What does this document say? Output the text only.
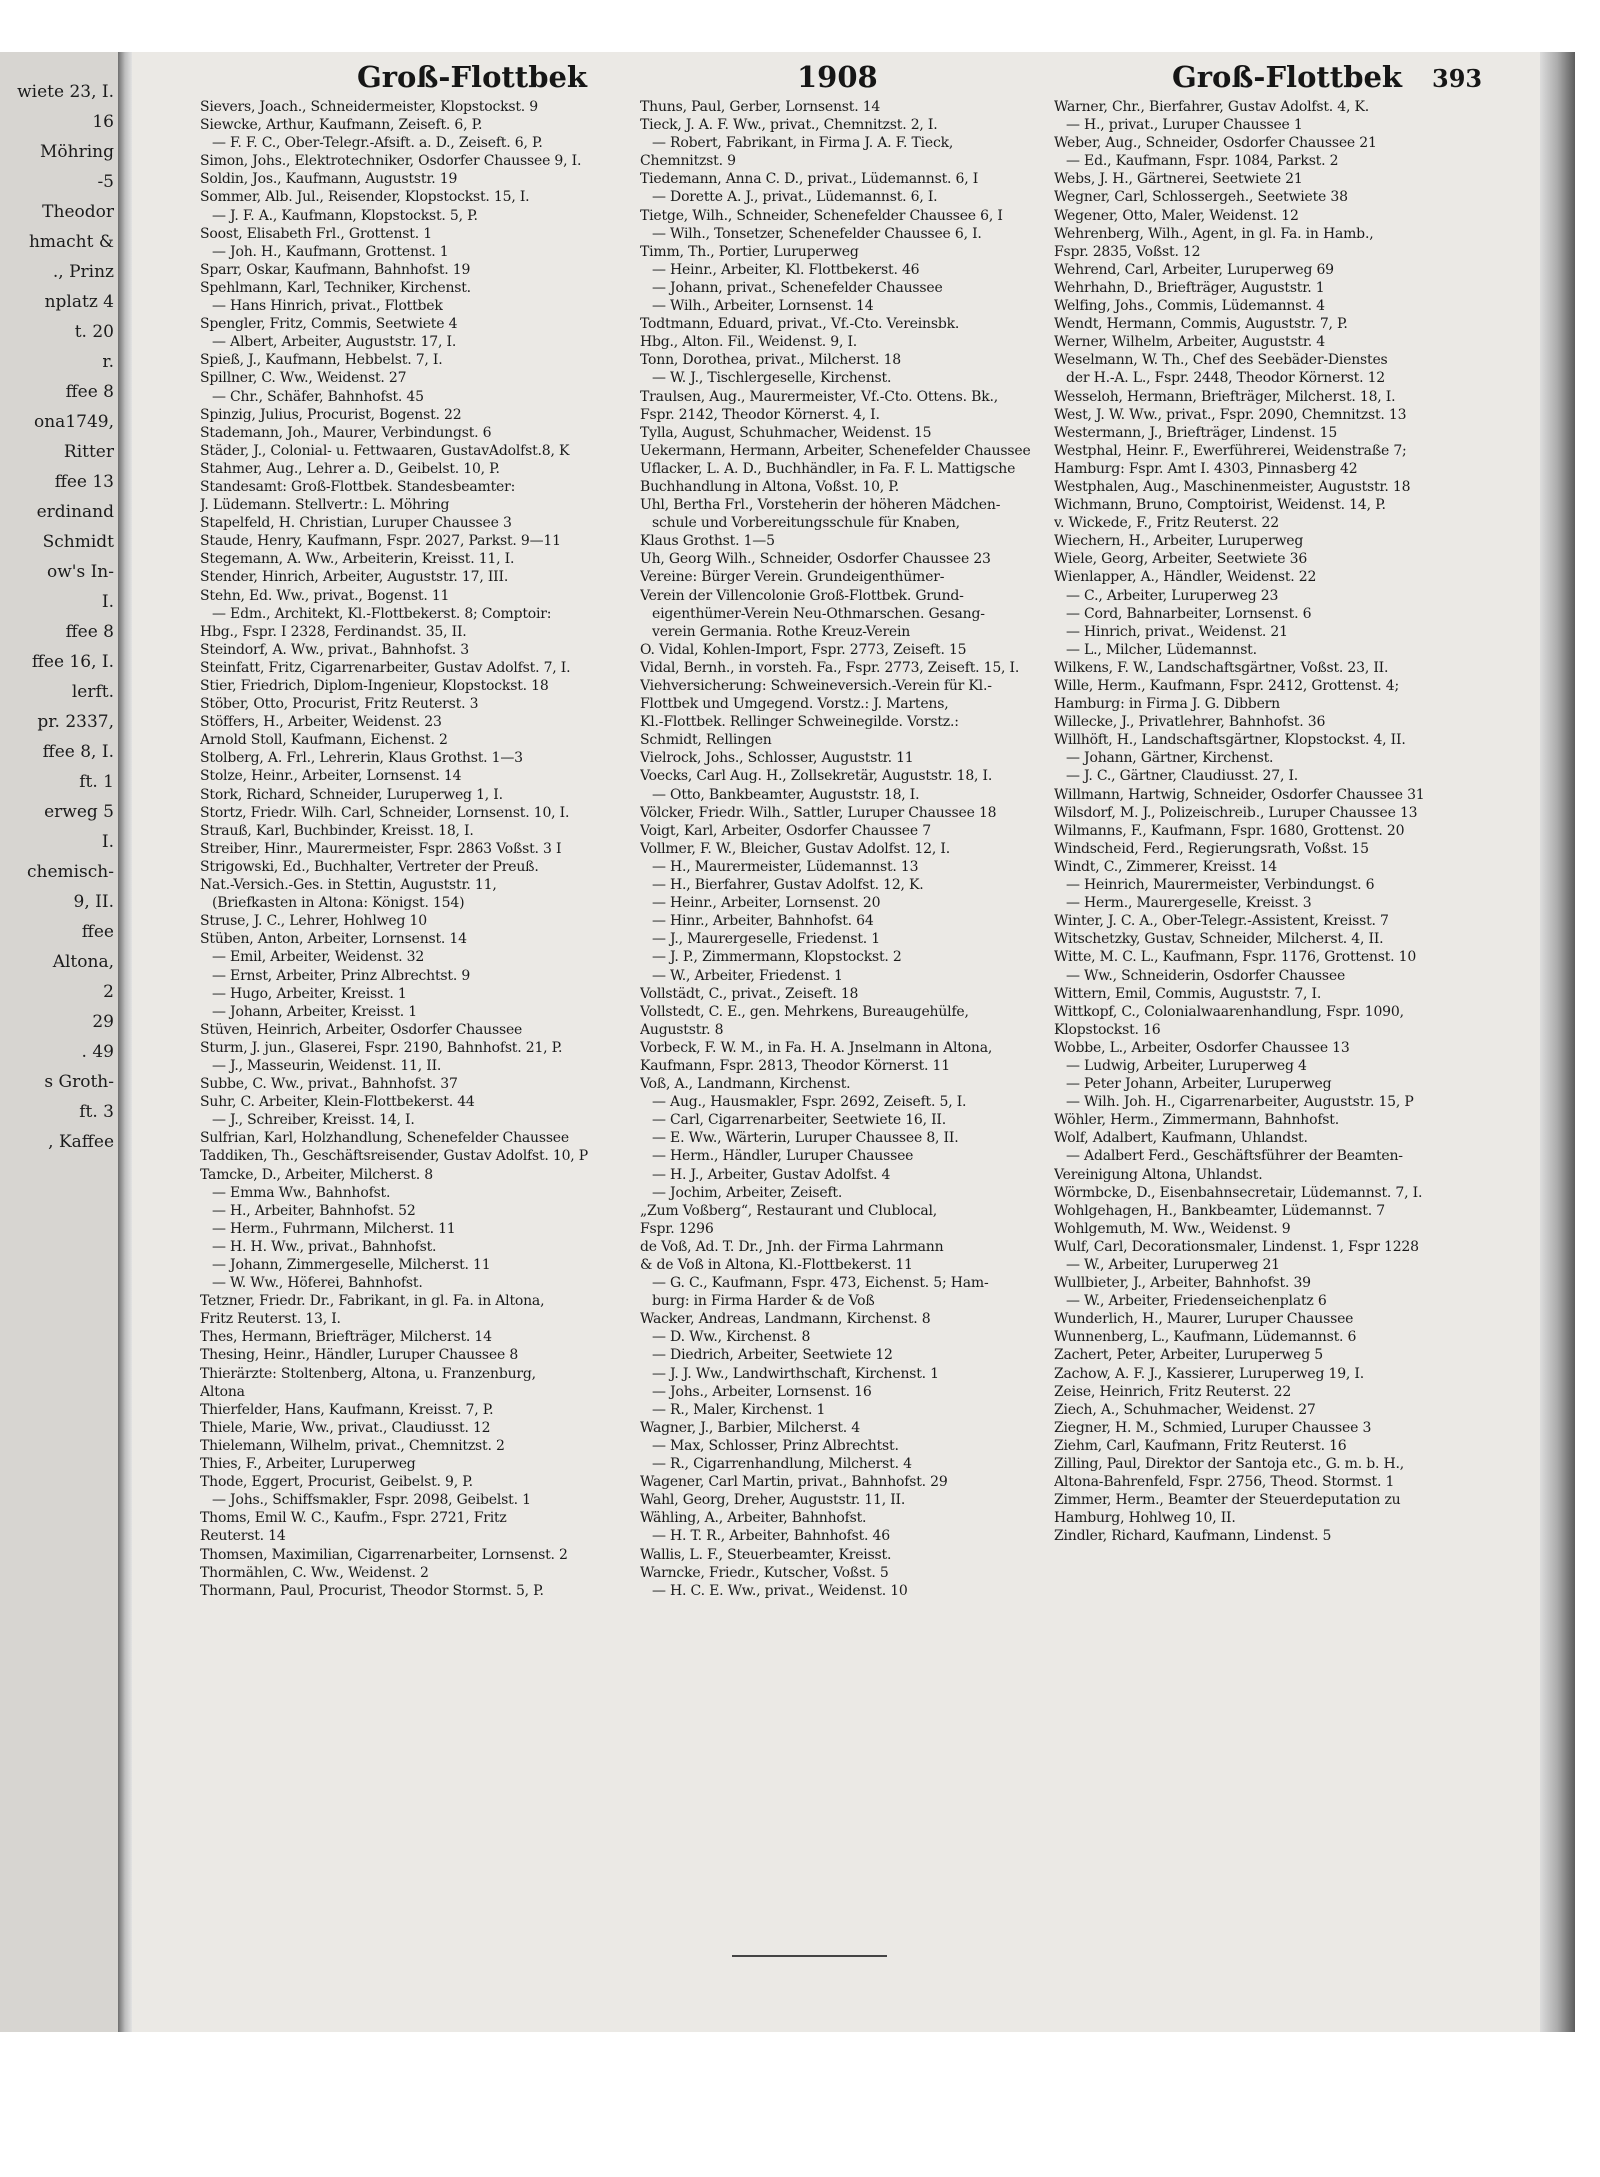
wiete 23, I.
16
Möhring
-5
Theodor
hmacht &
., Prinz
nplatz 4
t. 20
r.
ffee 8
ona1749,
Ritter
ffee 13
erdinand
Schmidt
ow's In-
I.
ffee 8
ffee 16, I.
lerft.
pr. 2337,
ffee 8, I.
ft. 1
erweg 5
I.
chemisch-
9, II.
ffee
Altona,
2
29
. 49
s Groth-
ft. 3
, Kaffee
Groß-Flottbek	1908	Groß-Flottbek 393
Sievers, Joach., Schneidermeister, Klopstockst. 9
Siewcke, Arthur, Kaufmann, Zeiseft. 6, P.
— F. F. C., Ober-Telegr.-Afsift. a. D., Zeiseft. 6, P.
Simon, Johs., Elektrotechniker, Osdorfer Chaussee 9, I.
Soldin, Jos., Kaufmann, Auguststr. 19
Sommer, Alb. Jul., Reisender, Klopstockst. 15, I.
— J. F. A., Kaufmann, Klopstockst. 5, P.
Soost, Elisabeth Frl., Grottenst. 1
— Joh. H., Kaufmann, Grottenst. 1
Sparr, Oskar, Kaufmann, Bahnhofst. 19
Spehlmann, Karl, Techniker, Kirchenst.
— Hans Hinrich, privat., Flottbek
Spengler, Fritz, Commis, Seetwiete 4
— Albert, Arbeiter, Auguststr. 17, I.
Spieß, J., Kaufmann, Hebbelst. 7, I.
Spillner, C. Ww., Weidenst. 27
— Chr., Schäfer, Bahnhofst. 45
Spinzig, Julius, Procurist, Bogenst. 22
Stademann, Joh., Maurer, Verbindungst. 6
Städer, J., Colonial- u. Fettwaaren, GustavAdolfst.8, K
Stahmer, Aug., Lehrer a. D., Geibelst. 10, P.
Standesamt: Groß-Flottbek. Standesbeamter:
J. Lüdemann. Stellvertr.: L. Möhring
Stapelfeld, H. Christian, Luruper Chaussee 3
Staude, Henry, Kaufmann, Fspr. 2027, Parkst. 9—11
Stegemann, A. Ww., Arbeiterin, Kreisst. 11, I.
Stender, Hinrich, Arbeiter, Auguststr. 17, III.
Stehn, Ed. Ww., privat., Bogenst. 11
— Edm., Architekt, Kl.-Flottbekerst. 8; Comptoir:
Hbg., Fspr. I 2328, Ferdinandst. 35, II.
Steindorf, A. Ww., privat., Bahnhofst. 3
Steinfatt, Fritz, Cigarrenarbeiter, Gustav Adolfst. 7, I.
Stier, Friedrich, Diplom-Ingenieur, Klopstockst. 18
Stöber, Otto, Procurist, Fritz Reuterst. 3
Stöffers, H., Arbeiter, Weidenst. 23
Arnold Stoll, Kaufmann, Eichenst. 2
Stolberg, A. Frl., Lehrerin, Klaus Grothst. 1—3
Stolze, Heinr., Arbeiter, Lornsenst. 14
Stork, Richard, Schneider, Luruperweg 1, I.
Stortz, Friedr. Wilh. Carl, Schneider, Lornsenst. 10, I.
Strauß, Karl, Buchbinder, Kreisst. 18, I.
Streiber, Hinr., Maurermeister, Fspr. 2863 Voßst. 3 I
Strigowski, Ed., Buchhalter, Vertreter der Preuß.
Nat.-Versich.-Ges. in Stettin, Auguststr. 11,
(Briefkasten in Altona: Königst. 154)
Struse, J. C., Lehrer, Hohlweg 10
Stüben, Anton, Arbeiter, Lornsenst. 14
— Emil, Arbeiter, Weidenst. 32
— Ernst, Arbeiter, Prinz Albrechtst. 9
— Hugo, Arbeiter, Kreisst. 1
— Johann, Arbeiter, Kreisst. 1
Stüven, Heinrich, Arbeiter, Osdorfer Chaussee
Sturm, J. jun., Glaserei, Fspr. 2190, Bahnhofst. 21, P.
— J., Masseurin, Weidenst. 11, II.
Subbe, C. Ww., privat., Bahnhofst. 37
Suhr, C. Arbeiter, Klein-Flottbekerst. 44
— J., Schreiber, Kreisst. 14, I.
Sulfrian, Karl, Holzhandlung, Schenefelder Chaussee
Taddiken, Th., Geschäftsreisender, Gustav Adolfst. 10, P
Tamcke, D., Arbeiter, Milcherst. 8
— Emma Ww., Bahnhofst.
— H., Arbeiter, Bahnhofst. 52
— Herm., Fuhrmann, Milcherst. 11
— H. H. Ww., privat., Bahnhofst.
— Johann, Zimmergeselle, Milcherst. 11
— W. Ww., Höferei, Bahnhofst.
Tetzner, Friedr. Dr., Fabrikant, in gl. Fa. in Altona,
Fritz Reuterst. 13, I.
Thes, Hermann, Briefträger, Milcherst. 14
Thesing, Heinr., Händler, Luruper Chaussee 8
Thierärzte: Stoltenberg, Altona, u. Franzenburg,
Altona
Thierfelder, Hans, Kaufmann, Kreisst. 7, P.
Thiele, Marie, Ww., privat., Claudiusst. 12
Thielemann, Wilhelm, privat., Chemnitzst. 2
Thies, F., Arbeiter, Luruperweg
Thode, Eggert, Procurist, Geibelst. 9, P.
— Johs., Schiffsmakler, Fspr. 2098, Geibelst. 1
Thoms, Emil W. C., Kaufm., Fspr. 2721, Fritz
Reuterst. 14
Thomsen, Maximilian, Cigarrenarbeiter, Lornsenst. 2
Thormählen, C. Ww., Weidenst. 2
Thormann, Paul, Procurist, Theodor Stormst. 5, P.
Thuns, Paul, Gerber, Lornsenst. 14
Tieck, J. A. F. Ww., privat., Chemnitzst. 2, I.
— Robert, Fabrikant, in Firma J. A. F. Tieck,
Chemnitzst. 9
Tiedemann, Anna C. D., privat., Lüdemannst. 6, I
— Dorette A. J., privat., Lüdemannst. 6, I.
Tietge, Wilh., Schneider, Schenefelder Chaussee 6, I
— Wilh., Tonsetzer, Schenefelder Chaussee 6, I.
Timm, Th., Portier, Luruperweg
— Heinr., Arbeiter, Kl. Flottbekerst. 46
— Johann, privat., Schenefelder Chaussee
— Wilh., Arbeiter, Lornsenst. 14
Todtmann, Eduard, privat., Vf.-Cto. Vereinsbk.
Hbg., Alton. Fil., Weidenst. 9, I.
Tonn, Dorothea, privat., Milcherst. 18
— W. J., Tischlergeselle, Kirchenst.
Traulsen, Aug., Maurermeister, Vf.-Cto. Ottens. Bk.,
Fspr. 2142, Theodor Körnerst. 4, I.
Tylla, August, Schuhmacher, Weidenst. 15
Uekermann, Hermann, Arbeiter, Schenefelder Chaussee
Uflacker, L. A. D., Buchhändler, in Fa. F. L. Mattigsche
Buchhandlung in Altona, Voßst. 10, P.
Uhl, Bertha Frl., Vorsteherin der höheren Mädchen-
schule und Vorbereitungsschule für Knaben,
Klaus Grothst. 1—5
Uh, Georg Wilh., Schneider, Osdorfer Chaussee 23
Vereine: Bürger Verein. Grundeigenthümer-
Verein der Villencolonie Groß-Flottbek. Grund-
eigenthümer-Verein Neu-Othmarschen. Gesang-
verein Germania. Rothe Kreuz-Verein
O. Vidal, Kohlen-Import, Fspr. 2773, Zeiseft. 15
Vidal, Bernh., in vorsteh. Fa., Fspr. 2773, Zeiseft. 15, I.
Viehversicherung: Schweineversich.-Verein für Kl.-
Flottbek und Umgegend. Vorstz.: J. Martens,
Kl.-Flottbek. Rellinger Schweinegilde. Vorstz.:
Schmidt, Rellingen
Vielrock, Johs., Schlosser, Auguststr. 11
Voecks, Carl Aug. H., Zollsekretär, Auguststr. 18, I.
— Otto, Bankbeamter, Auguststr. 18, I.
Völcker, Friedr. Wilh., Sattler, Luruper Chaussee 18
Voigt, Karl, Arbeiter, Osdorfer Chaussee 7
Vollmer, F. W., Bleicher, Gustav Adolfst. 12, I.
— H., Maurermeister, Lüdemannst. 13
— H., Bierfahrer, Gustav Adolfst. 12, K.
— Heinr., Arbeiter, Lornsenst. 20
— Hinr., Arbeiter, Bahnhofst. 64
— J., Maurergeselle, Friedenst. 1
— J. P., Zimmermann, Klopstockst. 2
— W., Arbeiter, Friedenst. 1
Vollstädt, C., privat., Zeiseft. 18
Vollstedt, C. E., gen. Mehrkens, Bureaugehülfe,
Auguststr. 8
Vorbeck, F. W. M., in Fa. H. A. Jnselmann in Altona,
Kaufmann, Fspr. 2813, Theodor Körnerst. 11
Voß, A., Landmann, Kirchenst.
— Aug., Hausmakler, Fspr. 2692, Zeiseft. 5, I.
— Carl, Cigarrenarbeiter, Seetwiete 16, II.
— E. Ww., Wärterin, Luruper Chaussee 8, II.
— Herm., Händler, Luruper Chaussee
— H. J., Arbeiter, Gustav Adolfst. 4
— Jochim, Arbeiter, Zeiseft.
„Zum Voßberg“, Restaurant und Clublocal,
Fspr. 1296
de Voß, Ad. T. Dr., Jnh. der Firma Lahrmann
& de Voß in Altona, Kl.-Flottbekerst. 11
— G. C., Kaufmann, Fspr. 473, Eichenst. 5; Ham-
burg: in Firma Harder & de Voß
Wacker, Andreas, Landmann, Kirchenst. 8
— D. Ww., Kirchenst. 8
— Diedrich, Arbeiter, Seetwiete 12
— J. J. Ww., Landwirthschaft, Kirchenst. 1
— Johs., Arbeiter, Lornsenst. 16
— R., Maler, Kirchenst. 1
Wagner, J., Barbier, Milcherst. 4
— Max, Schlosser, Prinz Albrechtst.
— R., Cigarrenhandlung, Milcherst. 4
Wagener, Carl Martin, privat., Bahnhofst. 29
Wahl, Georg, Dreher, Auguststr. 11, II.
Wähling, A., Arbeiter, Bahnhofst.
— H. T. R., Arbeiter, Bahnhofst. 46
Wallis, L. F., Steuerbeamter, Kreisst.
Warncke, Friedr., Kutscher, Voßst. 5
— H. C. E. Ww., privat., Weidenst. 10
Warner, Chr., Bierfahrer, Gustav Adolfst. 4, K.
— H., privat., Luruper Chaussee 1
Weber, Aug., Schneider, Osdorfer Chaussee 21
— Ed., Kaufmann, Fspr. 1084, Parkst. 2
Webs, J. H., Gärtnerei, Seetwiete 21
Wegner, Carl, Schlossergeh., Seetwiete 38
Wegener, Otto, Maler, Weidenst. 12
Wehrenberg, Wilh., Agent, in gl. Fa. in Hamb.,
Fspr. 2835, Voßst. 12
Wehrend, Carl, Arbeiter, Luruperweg 69
Wehrhahn, D., Briefträger, Auguststr. 1
Welfing, Johs., Commis, Lüdemannst. 4
Wendt, Hermann, Commis, Auguststr. 7, P.
Werner, Wilhelm, Arbeiter, Auguststr. 4
Weselmann, W. Th., Chef des Seebäder-Dienstes
der H.-A. L., Fspr. 2448, Theodor Körnerst. 12
Wesseloh, Hermann, Briefträger, Milcherst. 18, I.
West, J. W. Ww., privat., Fspr. 2090, Chemnitzst. 13
Westermann, J., Briefträger, Lindenst. 15
Westphal, Heinr. F., Ewerführerei, Weidenstraße 7;
Hamburg: Fspr. Amt I. 4303, Pinnasberg 42
Westphalen, Aug., Maschinenmeister, Auguststr. 18
Wichmann, Bruno, Comptoirist, Weidenst. 14, P.
v. Wickede, F., Fritz Reuterst. 22
Wiechern, H., Arbeiter, Luruperweg
Wiele, Georg, Arbeiter, Seetwiete 36
Wienlapper, A., Händler, Weidenst. 22
— C., Arbeiter, Luruperweg 23
— Cord, Bahnarbeiter, Lornsenst. 6
— Hinrich, privat., Weidenst. 21
— L., Milcher, Lüdemannst.
Wilkens, F. W., Landschaftsgärtner, Voßst. 23, II.
Wille, Herm., Kaufmann, Fspr. 2412, Grottenst. 4;
Hamburg: in Firma J. G. Dibbern
Willecke, J., Privatlehrer, Bahnhofst. 36
Willhöft, H., Landschaftsgärtner, Klopstockst. 4, II.
— Johann, Gärtner, Kirchenst.
— J. C., Gärtner, Claudiusst. 27, I.
Willmann, Hartwig, Schneider, Osdorfer Chaussee 31
Wilsdorf, M. J., Polizeischreib., Luruper Chaussee 13
Wilmanns, F., Kaufmann, Fspr. 1680, Grottenst. 20
Windscheid, Ferd., Regierungsrath, Voßst. 15
Windt, C., Zimmerer, Kreisst. 14
— Heinrich, Maurermeister, Verbindungst. 6
— Herm., Maurergeselle, Kreisst. 3
Winter, J. C. A., Ober-Telegr.-Assistent, Kreisst. 7
Witschetzky, Gustav, Schneider, Milcherst. 4, II.
Witte, M. C. L., Kaufmann, Fspr. 1176, Grottenst. 10
— Ww., Schneiderin, Osdorfer Chaussee
Wittern, Emil, Commis, Auguststr. 7, I.
Wittkopf, C., Colonialwaarenhandlung, Fspr. 1090,
Klopstockst. 16
Wobbe, L., Arbeiter, Osdorfer Chaussee 13
— Ludwig, Arbeiter, Luruperweg 4
— Peter Johann, Arbeiter, Luruperweg
— Wilh. Joh. H., Cigarrenarbeiter, Auguststr. 15, P
Wöhler, Herm., Zimmermann, Bahnhofst.
Wolf, Adalbert, Kaufmann, Uhlandst.
— Adalbert Ferd., Geschäftsführer der Beamten-
Vereinigung Altona, Uhlandst.
Wörmbcke, D., Eisenbahnsecretair, Lüdemannst. 7, I.
Wohlgehagen, H., Bankbeamter, Lüdemannst. 7
Wohlgemuth, M. Ww., Weidenst. 9
Wulf, Carl, Decorationsmaler, Lindenst. 1, Fspr 1228
— W., Arbeiter, Luruperweg 21
Wullbieter, J., Arbeiter, Bahnhofst. 39
— W., Arbeiter, Friedenseichenplatz 6
Wunderlich, H., Maurer, Luruper Chaussee
Wunnenberg, L., Kaufmann, Lüdemannst. 6
Zachert, Peter, Arbeiter, Luruperweg 5
Zachow, A. F. J., Kassierer, Luruperweg 19, I.
Zeise, Heinrich, Fritz Reuterst. 22
Ziech, A., Schuhmacher, Weidenst. 27
Ziegner, H. M., Schmied, Luruper Chaussee 3
Ziehm, Carl, Kaufmann, Fritz Reuterst. 16
Zilling, Paul, Direktor der Santoja etc., G. m. b. H.,
Altona-Bahrenfeld, Fspr. 2756, Theod. Stormst. 1
Zimmer, Herm., Beamter der Steuerdeputation zu
Hamburg, Hohlweg 10, II.
Zindler, Richard, Kaufmann, Lindenst. 5
